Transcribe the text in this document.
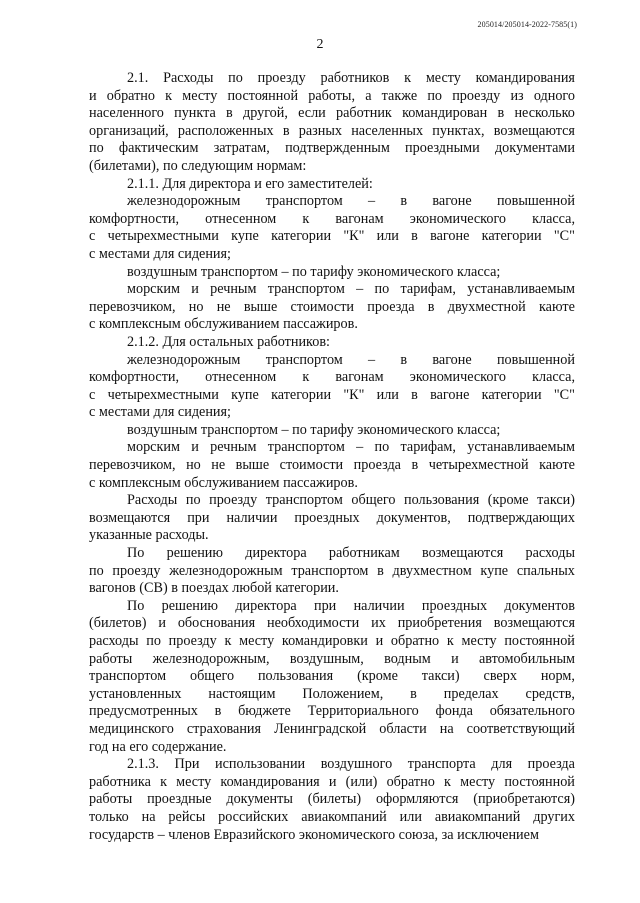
205014/205014-2022-7585(1)
2
2.1. Расходы по проезду работников к месту командирования
и обратно к месту постоянной работы, а также по проезду из одного
населенного пункта в другой, если работник командирован в несколько
организаций, расположенных в разных населенных пунктах, возмещаются
по фактическим затратам, подтвержденным проездными документами
(билетами), по следующим нормам:
2.1.1. Для директора и его заместителей:
железнодорожным транспортом – в вагоне повышенной
комфортности, отнесенном к вагонам экономического класса,
с четырехместными купе категории "К" или в вагоне категории "С"
с местами для сидения;
воздушным транспортом – по тарифу экономического класса;
морским и речным транспортом – по тарифам, устанавливаемым
перевозчиком, но не выше стоимости проезда в двухместной каюте
с комплексным обслуживанием пассажиров.
2.1.2. Для остальных работников:
железнодорожным транспортом – в вагоне повышенной
комфортности, отнесенном к вагонам экономического класса,
с четырехместными купе категории "К" или в вагоне категории "С"
с местами для сидения;
воздушным транспортом – по тарифу экономического класса;
морским и речным транспортом – по тарифам, устанавливаемым
перевозчиком, но не выше стоимости проезда в четырехместной каюте
с комплексным обслуживанием пассажиров.
Расходы по проезду транспортом общего пользования (кроме такси)
возмещаются при наличии проездных документов, подтверждающих
указанные расходы.
По решению директора работникам возмещаются расходы
по проезду железнодорожным транспортом в двухместном купе спальных
вагонов (СВ) в поездах любой категории.
По решению директора при наличии проездных документов
(билетов) и обоснования необходимости их приобретения возмещаются
расходы по проезду к месту командировки и обратно к месту постоянной
работы железнодорожным, воздушным, водным и автомобильным
транспортом общего пользования (кроме такси) сверх норм,
установленных настоящим Положением, в пределах средств,
предусмотренных в бюджете Территориального фонда обязательного
медицинского страхования Ленинградской области на соответствующий
год на его содержание.
2.1.3. При использовании воздушного транспорта для проезда
работника к месту командирования и (или) обратно к месту постоянной
работы проездные документы (билеты) оформляются (приобретаются)
только на рейсы российских авиакомпаний или авиакомпаний других
государств – членов Евразийского экономического союза, за исключением
